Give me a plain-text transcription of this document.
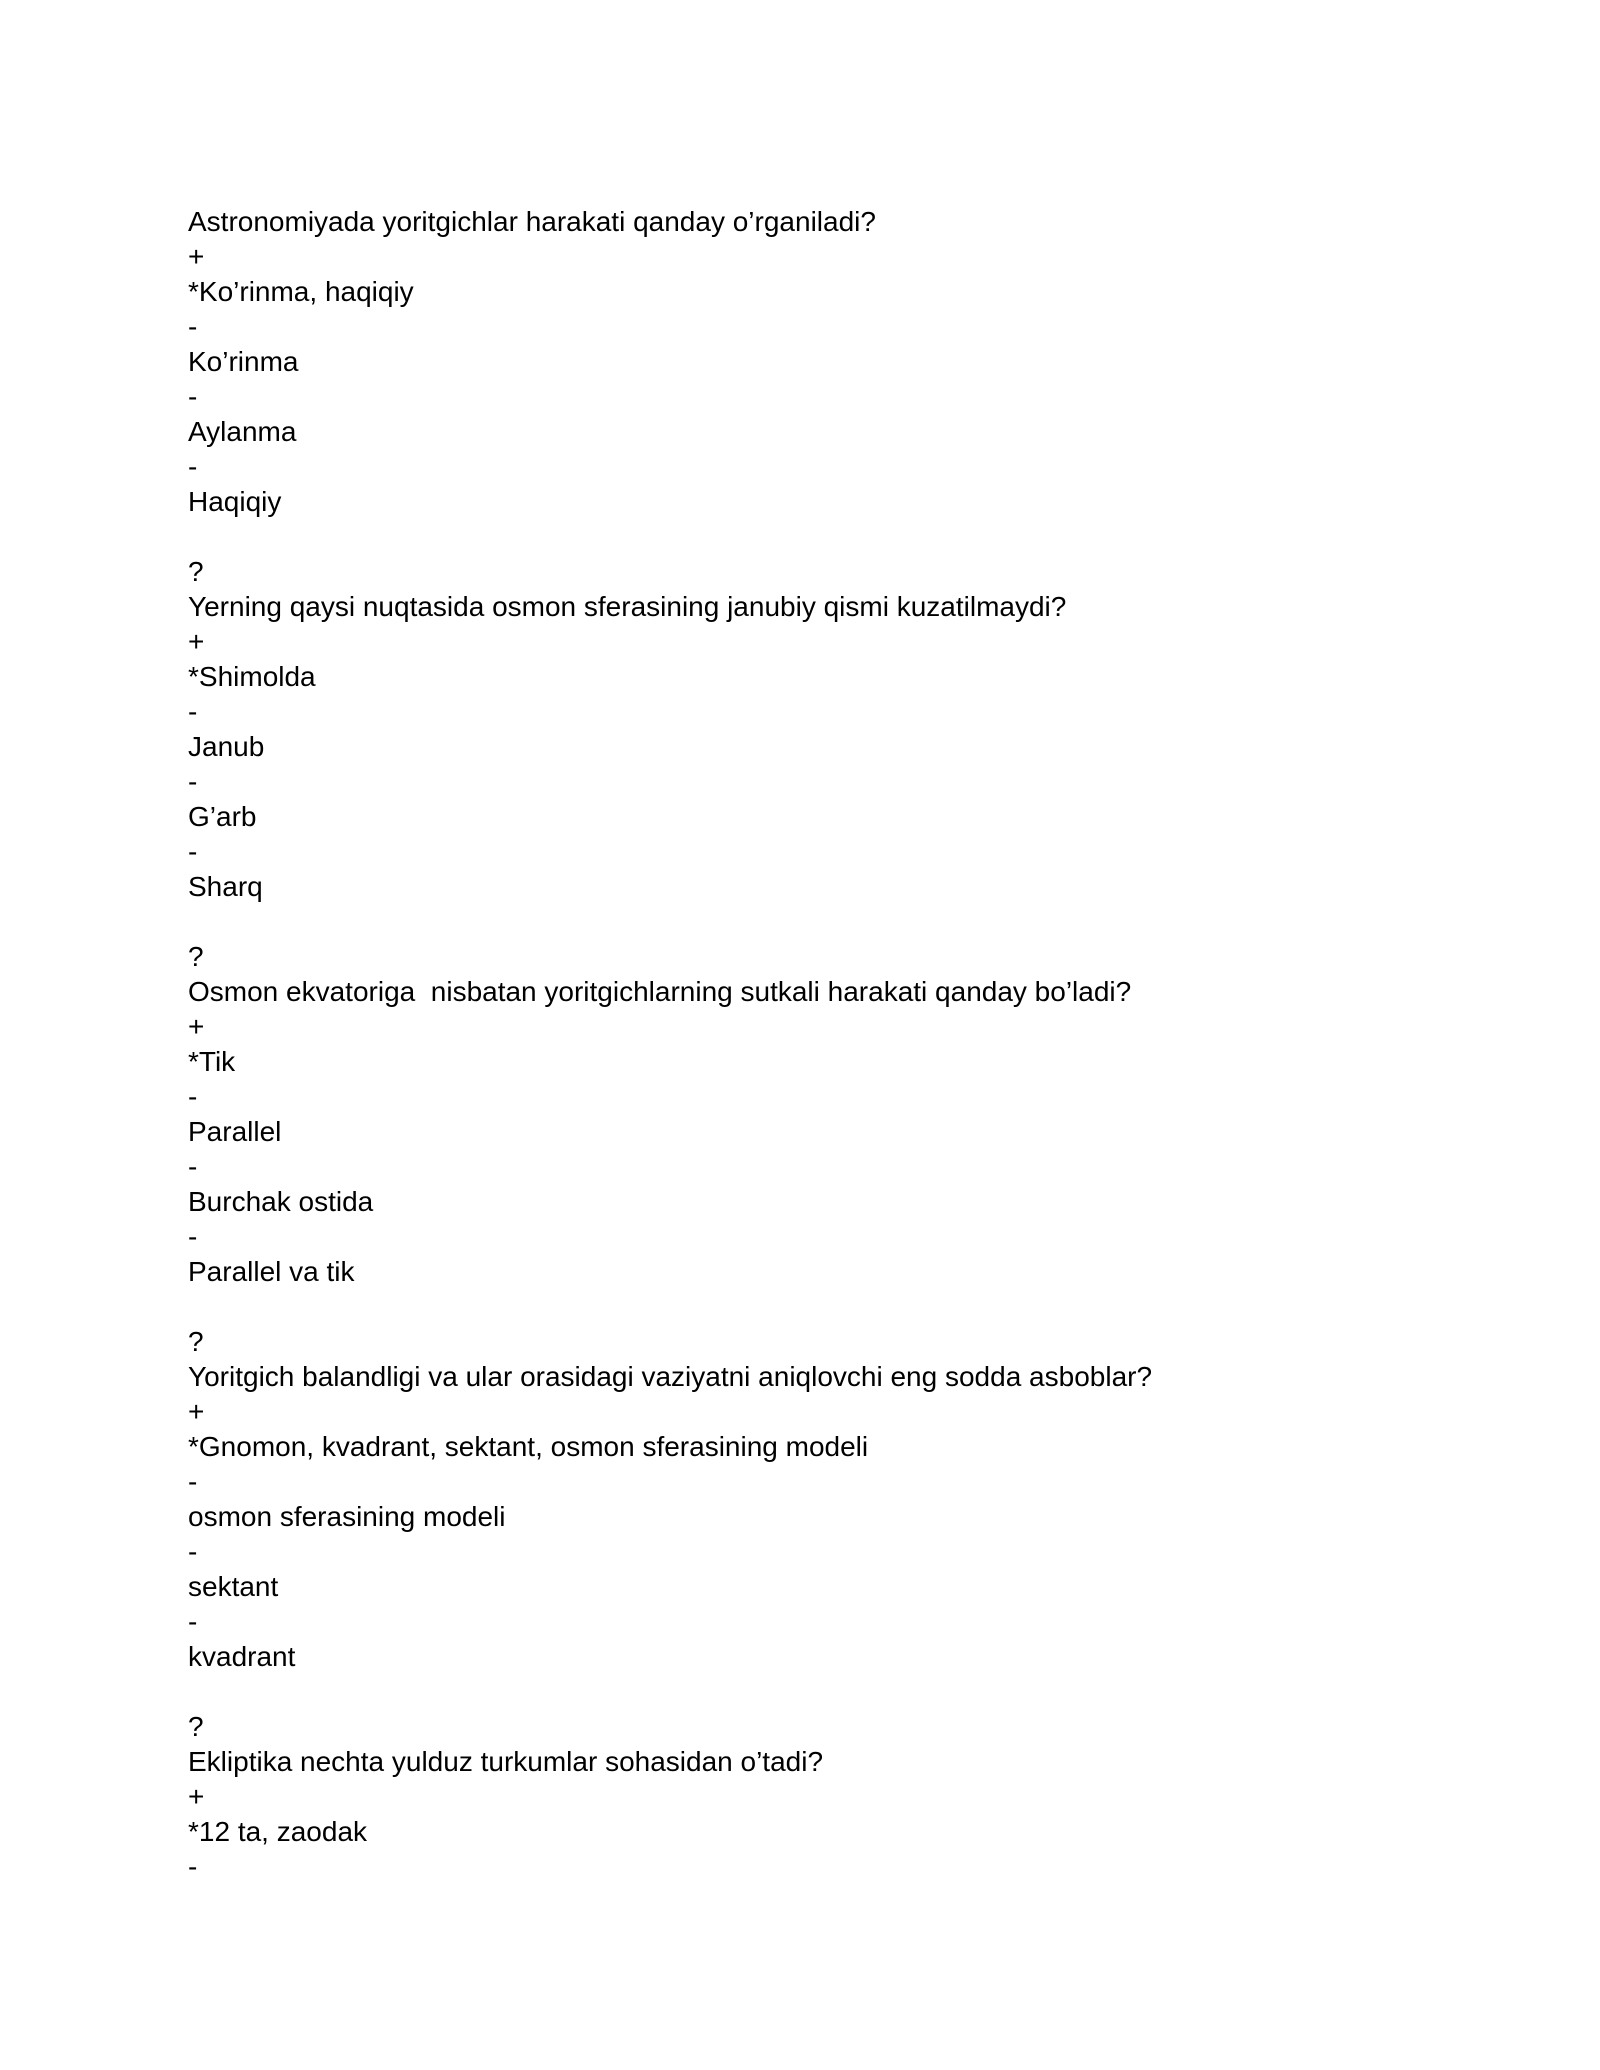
Astronomiyada yoritgichlar harakati qanday o’rganiladi?

+

*Ko’rinma, haqiqiy

-

Ko’rinma

-

Aylanma

-

Haqiqiy

?

Yerning qaysi nuqtasida osmon sferasining janubiy qismi kuzatilmaydi?

+

*Shimolda

-

Janub

-

G’arb

-

Sharq

?

Osmon ekvatoriga  nisbatan yoritgichlarning sutkali harakati qanday bo’ladi?

+

*Tik

-

Parallel

-

Burchak ostida

-

Parallel va tik

?

Yoritgich balandligi va ular orasidagi vaziyatni aniqlovchi eng sodda asboblar?

+

*Gnomon, kvadrant, sektant, osmon sferasining modeli

-

osmon sferasining modeli

-

sektant

-

kvadrant

?

Ekliptika nechta yulduz turkumlar sohasidan o’tadi?

+

*12 ta, zaodak

-
